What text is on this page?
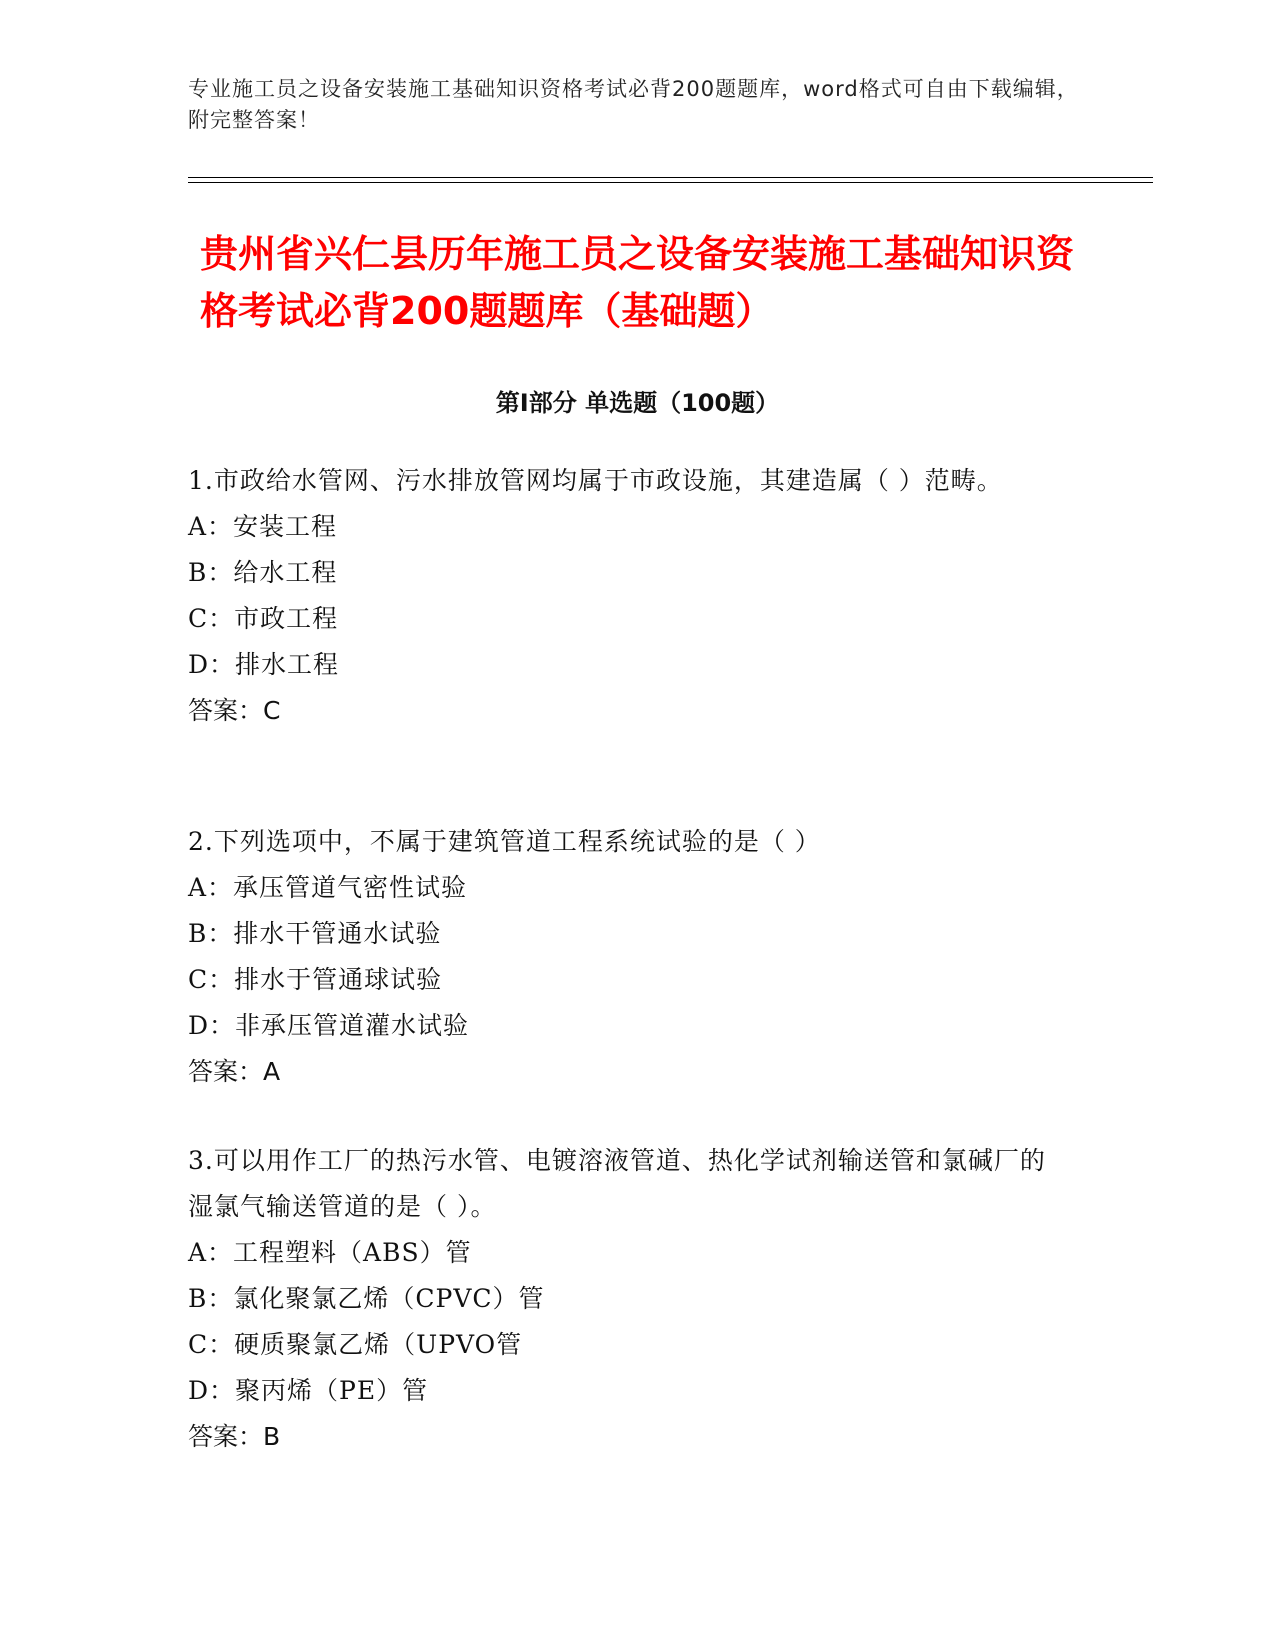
专业施工员之设备安装施工基础知识资格考试必背200题题库，word格式可自由下载编辑，附完整答案！
贵州省兴仁县历年施工员之设备安装施工基础知识资格考试必背200题题库（基础题）
第Ⅰ部分 单选题（100题）
1.市政给水管网、污水排放管网均属于市政设施，其建造属（ ）范畴。
A：安装工程
B：给水工程
C：市政工程
D：排水工程
答案：C
2.下列选项中，不属于建筑管道工程系统试验的是（ ）
A：承压管道气密性试验
B：排水干管通水试验
C：排水于管通球试验
D：非承压管道灌水试验
答案：A
3.可以用作工厂的热污水管、电镀溶液管道、热化学试剂输送管和氯碱厂的湿氯气输送管道的是（ ）。
A：工程塑料（ABS）管
B：氯化聚氯乙烯（CPVC）管
C：硬质聚氯乙烯（UPVO管
D：聚丙烯（PE）管
答案：B
